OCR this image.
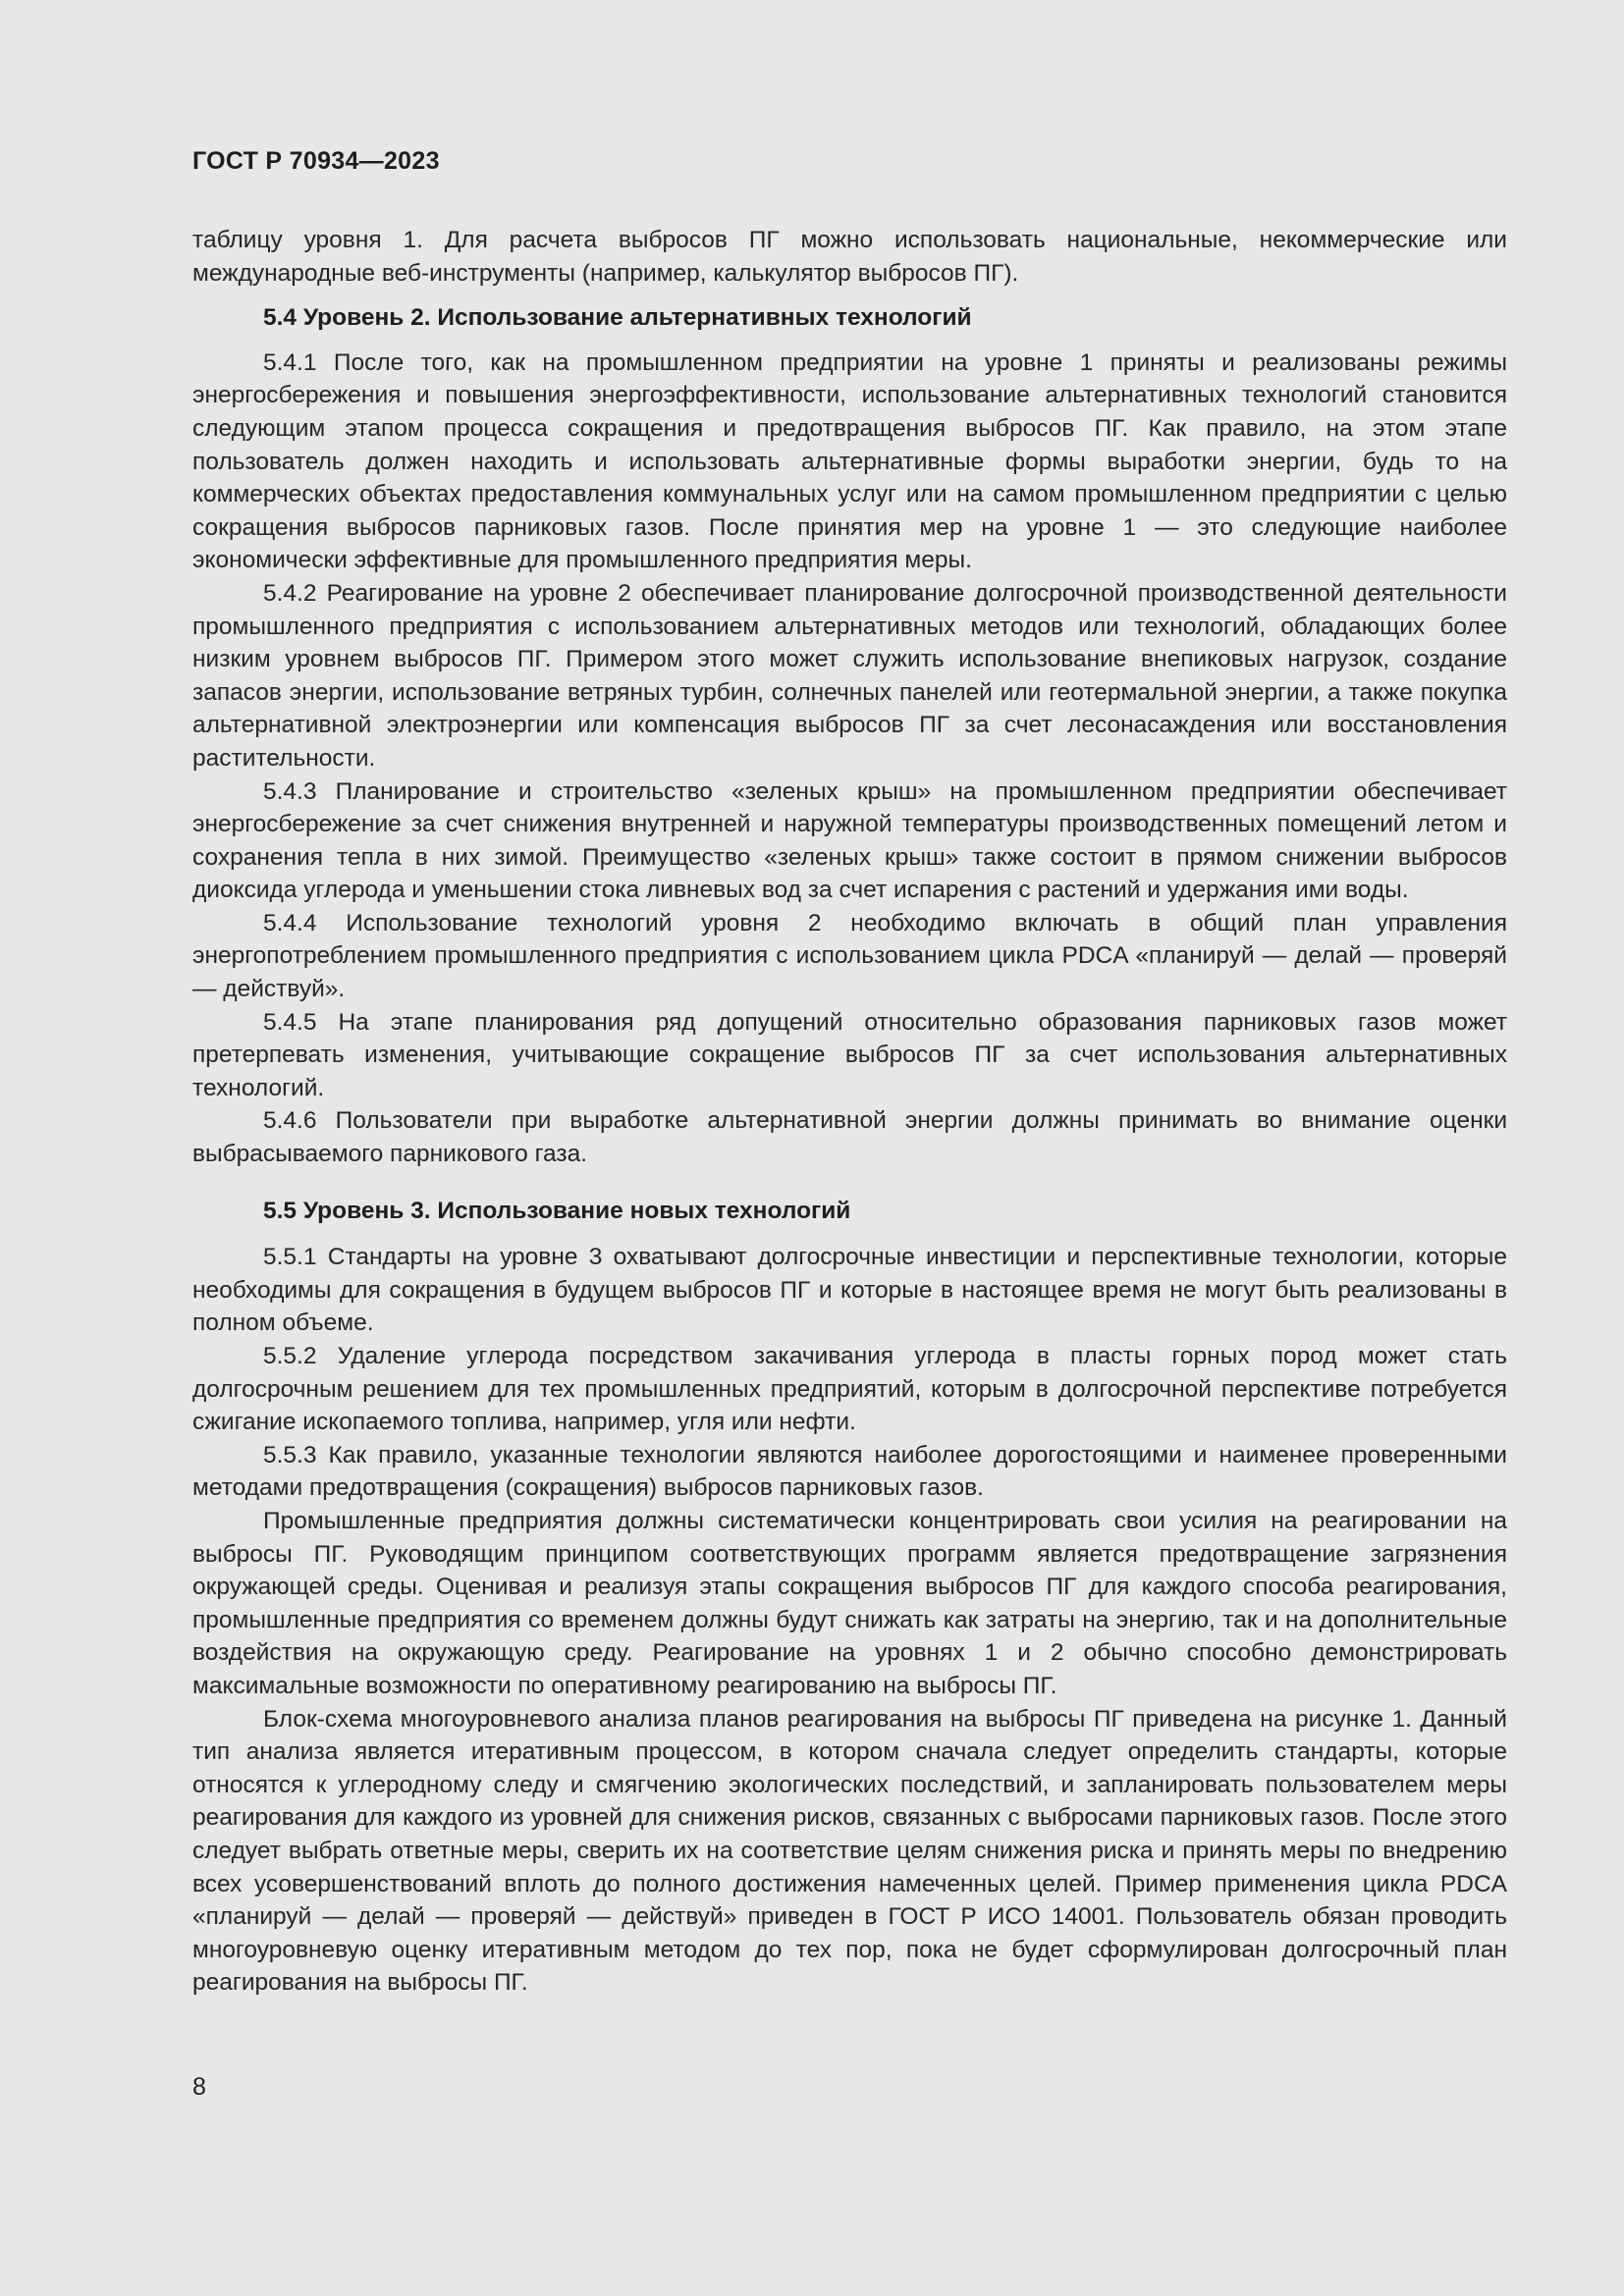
ГОСТ Р 70934—2023

таблицу уровня 1. Для расчета выбросов ПГ можно использовать национальные, некоммерческие или международные веб-инструменты (например, калькулятор выбросов ПГ).

5.4 Уровень 2. Использование альтернативных технологий

5.4.1 После того, как на промышленном предприятии на уровне 1 приняты и реализованы режимы энергосбережения и повышения энергоэффективности, использование альтернативных технологий становится следующим этапом процесса сокращения и предотвращения выбросов ПГ. Как правило, на этом этапе пользователь должен находить и использовать альтернативные формы выработки энергии, будь то на коммерческих объектах предоставления коммунальных услуг или на самом промышленном предприятии с целью сокращения выбросов парниковых газов. После принятия мер на уровне 1 — это следующие наиболее экономически эффективные для промышленного предприятия меры.

5.4.2 Реагирование на уровне 2 обеспечивает планирование долгосрочной производственной деятельности промышленного предприятия с использованием альтернативных методов или технологий, обладающих более низким уровнем выбросов ПГ. Примером этого может служить использование внепиковых нагрузок, создание запасов энергии, использование ветряных турбин, солнечных панелей или геотермальной энергии, а также покупка альтернативной электроэнергии или компенсация выбросов ПГ за счет лесонасаждения или восстановления растительности.

5.4.3 Планирование и строительство «зеленых крыш» на промышленном предприятии обеспечивает энергосбережение за счет снижения внутренней и наружной температуры производственных помещений летом и сохранения тепла в них зимой. Преимущество «зеленых крыш» также состоит в прямом снижении выбросов диоксида углерода и уменьшении стока ливневых вод за счет испарения с растений и удержания ими воды.

5.4.4 Использование технологий уровня 2 необходимо включать в общий план управления энергопотреблением промышленного предприятия с использованием цикла PDCA «планируй — делай — проверяй — действуй».

5.4.5 На этапе планирования ряд допущений относительно образования парниковых газов может претерпевать изменения, учитывающие сокращение выбросов ПГ за счет использования альтернативных технологий.

5.4.6 Пользователи при выработке альтернативной энергии должны принимать во внимание оценки выбрасываемого парникового газа.

5.5 Уровень 3. Использование новых технологий

5.5.1 Стандарты на уровне 3 охватывают долгосрочные инвестиции и перспективные технологии, которые необходимы для сокращения в будущем выбросов ПГ и которые в настоящее время не могут быть реализованы в полном объеме.

5.5.2 Удаление углерода посредством закачивания углерода в пласты горных пород может стать долгосрочным решением для тех промышленных предприятий, которым в долгосрочной перспективе потребуется сжигание ископаемого топлива, например, угля или нефти.

5.5.3 Как правило, указанные технологии являются наиболее дорогостоящими и наименее проверенными методами предотвращения (сокращения) выбросов парниковых газов.

Промышленные предприятия должны систематически концентрировать свои усилия на реагировании на выбросы ПГ. Руководящим принципом соответствующих программ является предотвращение загрязнения окружающей среды. Оценивая и реализуя этапы сокращения выбросов ПГ для каждого способа реагирования, промышленные предприятия со временем должны будут снижать как затраты на энергию, так и на дополнительные воздействия на окружающую среду. Реагирование на уровнях 1 и 2 обычно способно демонстрировать максимальные возможности по оперативному реагированию на выбросы ПГ.

Блок-схема многоуровневого анализа планов реагирования на выбросы ПГ приведена на рисунке 1. Данный тип анализа является итеративным процессом, в котором сначала следует определить стандарты, которые относятся к углеродному следу и смягчению экологических последствий, и запланировать пользователем меры реагирования для каждого из уровней для снижения рисков, связанных с выбросами парниковых газов. После этого следует выбрать ответные меры, сверить их на соответствие целям снижения риска и принять меры по внедрению всех усовершенствований вплоть до полного достижения намеченных целей. Пример применения цикла PDCA «планируй — делай — проверяй — действуй» приведен в ГОСТ Р ИСО 14001. Пользователь обязан проводить многоуровневую оценку итеративным методом до тех пор, пока не будет сформулирован долгосрочный план реагирования на выбросы ПГ.

8
